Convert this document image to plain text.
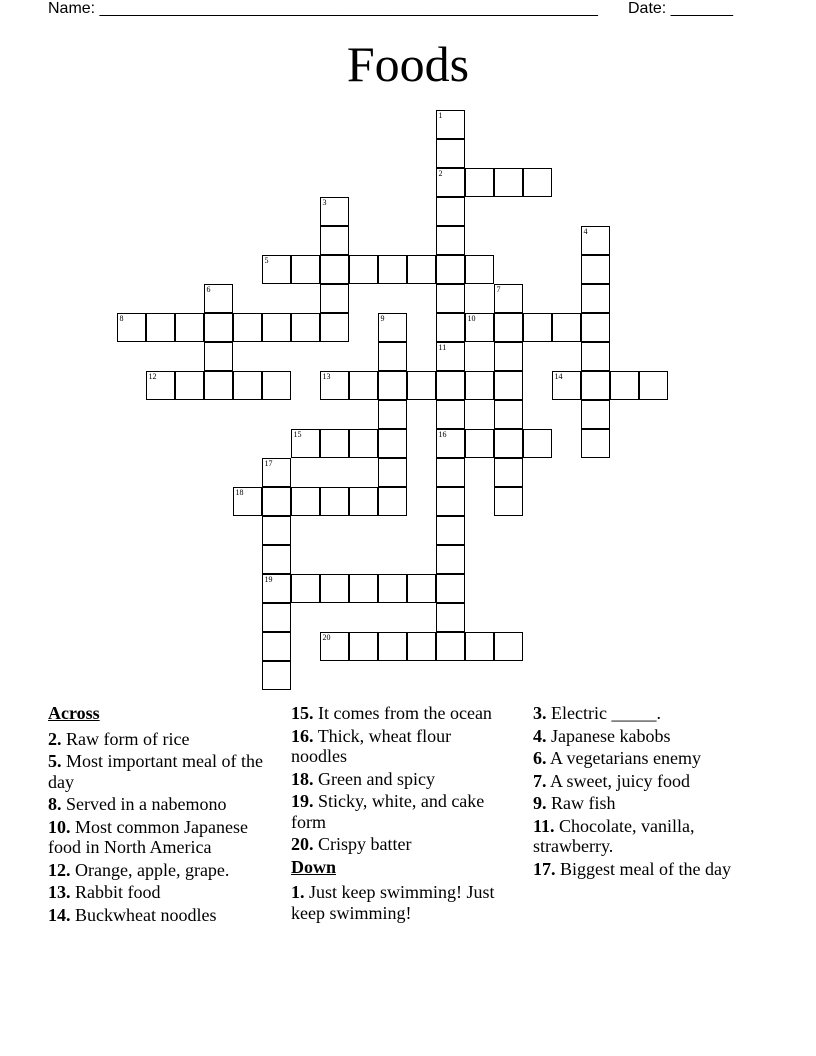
Name: ________________________________________________________ Date: _______
Foods
1
2
11
16
3
4
5
6	7
8	9	10
12	13	14
15
17
19
18
20
Across
2. Raw form of rice
5. Most important meal of the day
8. Served in a nabemono
10. Most common Japanese food in North America
12. Orange, apple, grape.
13. Rabbit food
14. Buckwheat noodles
15. It comes from the ocean
16. Thick, wheat flour noodles
18. Green and spicy
19. Sticky, white, and cake form
20. Crispy batter
Down
1. Just keep swimming! Just keep swimming!
3. Electric _____.
4. Japanese kabobs
6. A vegetarians enemy
7. A sweet, juicy food
9. Raw fish
11. Chocolate, vanilla, strawberry.
17. Biggest meal of the day
